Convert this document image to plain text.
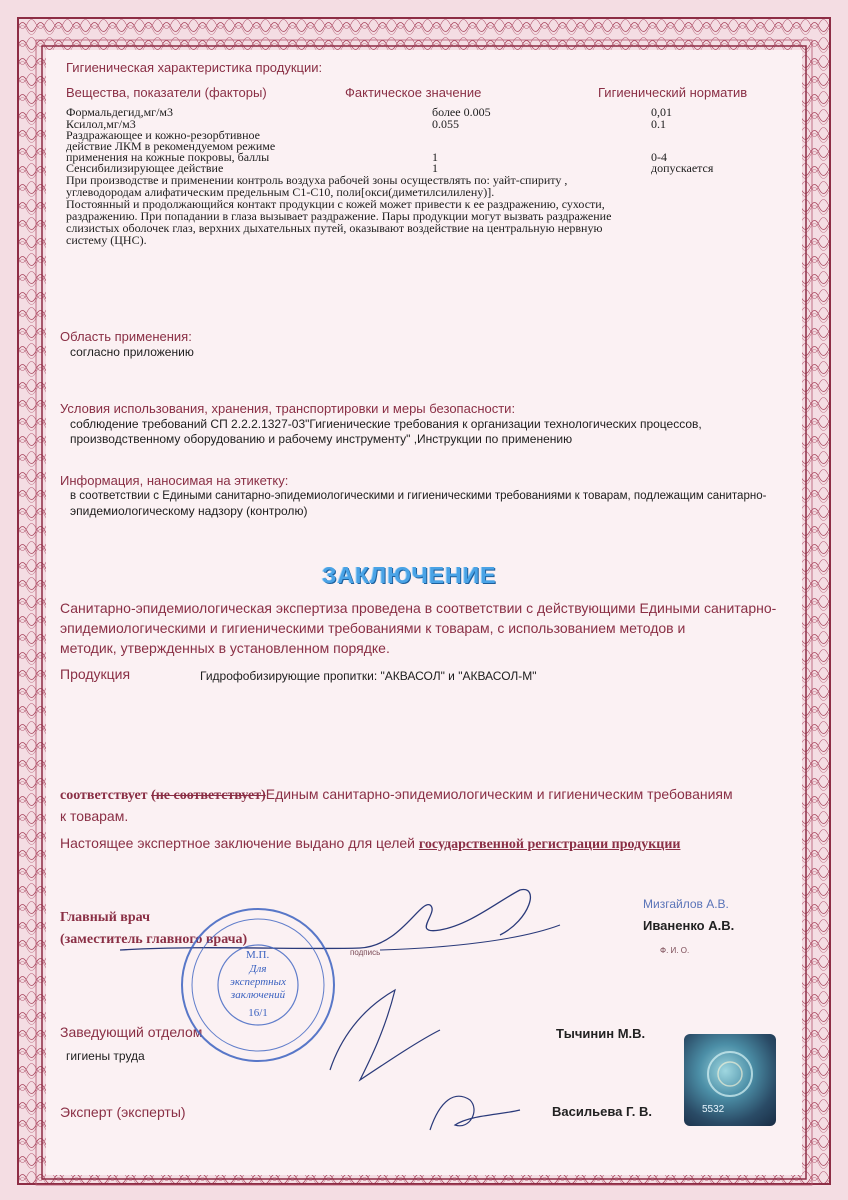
Гигиеническая характеристика продукции:
Вещества, показатели (факторы)	Фактическое значение	Гигиенический норматив
Формальдегид,мг/м3	более 0.005	0,01
Ксилол,мг/м3	0.055	0.1
Раздражающее и кожно-резорбтивное
действие ЛКМ в рекомендуемом режиме
применения на кожные покровы, баллы	1	0-4
Сенсибилизирующее действие	1	допускается
При производстве и применении контроль воздуха рабочей зоны осуществлять по: уайт-спириту ,
углеводородам алифатическим предельным С1-С10, поли[окси(диметилсилилену)].
Постоянный и продолжающийся контакт продукции с кожей может привести к ее раздражению, сухости,
раздражению. При попадании в глаза вызывает раздражение. Пары продукции могут вызвать раздражение
слизистых оболочек глаз, верхних дыхательных путей, оказывают воздействие на центральную нервную
систему (ЦНС).
Область применения:
согласно приложению
Условия использования, хранения, транспортировки и меры безопасности:
соблюдение требований СП 2.2.2.1327-03"Гигиенические требования к организации технологических процессов,
производственному оборудованию и рабочему инструменту" ,Инструкции по применению
Информация, наносимая на этикетку:
в соответствии с Едиными санитарно-эпидемиологическими и гигиеническими требованиями к товарам, подлежащим санитарно-
эпидемиологическому надзору (контролю)
ЗАКЛЮЧЕНИЕ
Санитарно-эпидемиологическая экспертиза проведена в соответствии с действующими Едиными санитарно-
эпидемиологическими и гигиеническими требованиями к товарам, с использованием методов и
методик, утвержденных в установленном порядке.
Продукция	Гидрофобизирующие пропитки: "АКВАСОЛ" и "АКВАСОЛ-М"
соответствует (не соответствует)Единым санитарно-эпидемиологическим и гигиеническим требованиям
к товарам.
Настоящее экспертное заключение выдано для целей государственной регистрации продукции
Главный врач
(заместитель главного врача)
подпись
Мизгайлов А.В.
Иваненко А.В.
Ф. И. О.
Заведующий отделом
гигиены труда
Тычинин М.В.
Эксперт (эксперты)	Васильева Г. В.
Для экспертных заключений
16/1
М.П.
5532
